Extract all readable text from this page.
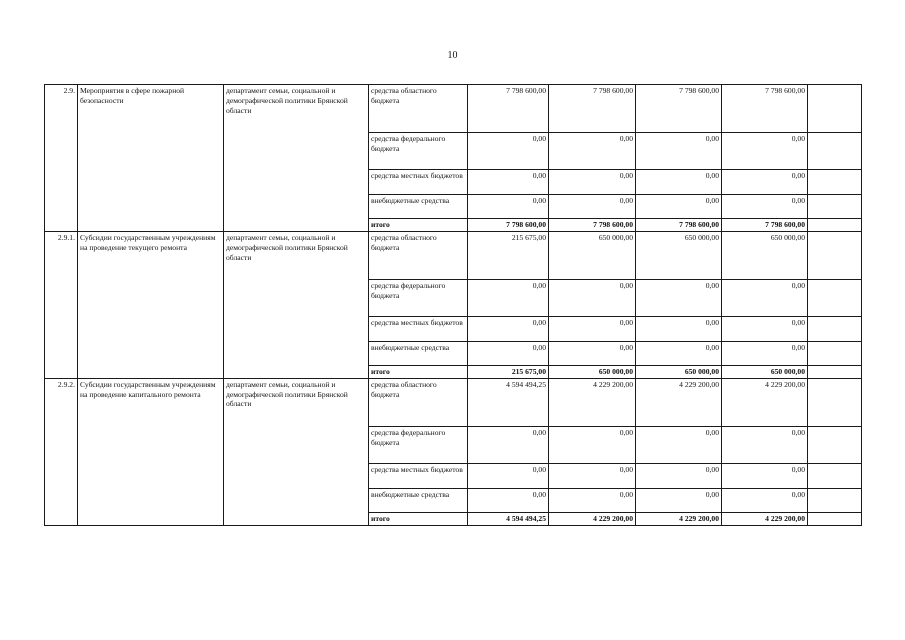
10
2.9.	Мероприятия в сфере пожарной безопасности	департамент семьи, социальной и демографической политики Брянской области	средства областного бюджета	7 798 600,00	7 798 600,00	7 798 600,00	7 798 600,00	
			средства федерального бюджета	0,00	0,00	0,00	0,00	
			средства местных бюджетов	0,00	0,00	0,00	0,00	
			внебюджетные средства	0,00	0,00	0,00	0,00	
			итого	7 798 600,00	7 798 600,00	7 798 600,00	7 798 600,00	
2.9.1.	Субсидии государственным учреждениям на проведение текущего ремонта	департамент семьи, социальной и демографической политики Брянской области	средства областного бюджета	215 675,00	650 000,00	650 000,00	650 000,00	
			средства федерального бюджета	0,00	0,00	0,00	0,00	
			средства местных бюджетов	0,00	0,00	0,00	0,00	
			внебюджетные средства	0,00	0,00	0,00	0,00	
			итого	215 675,00	650 000,00	650 000,00	650 000,00	
2.9.2.	Субсидии государственным учреждениям на проведение капитального ремонта	департамент семьи, социальной и демографической политики Брянской области	средства областного бюджета	4 594 494,25	4 229 200,00	4 229 200,00	4 229 200,00	
			средства федерального бюджета	0,00	0,00	0,00	0,00	
			средства местных бюджетов	0,00	0,00	0,00	0,00	
			внебюджетные средства	0,00	0,00	0,00	0,00	
			итого	4 594 494,25	4 229 200,00	4 229 200,00	4 229 200,00	
